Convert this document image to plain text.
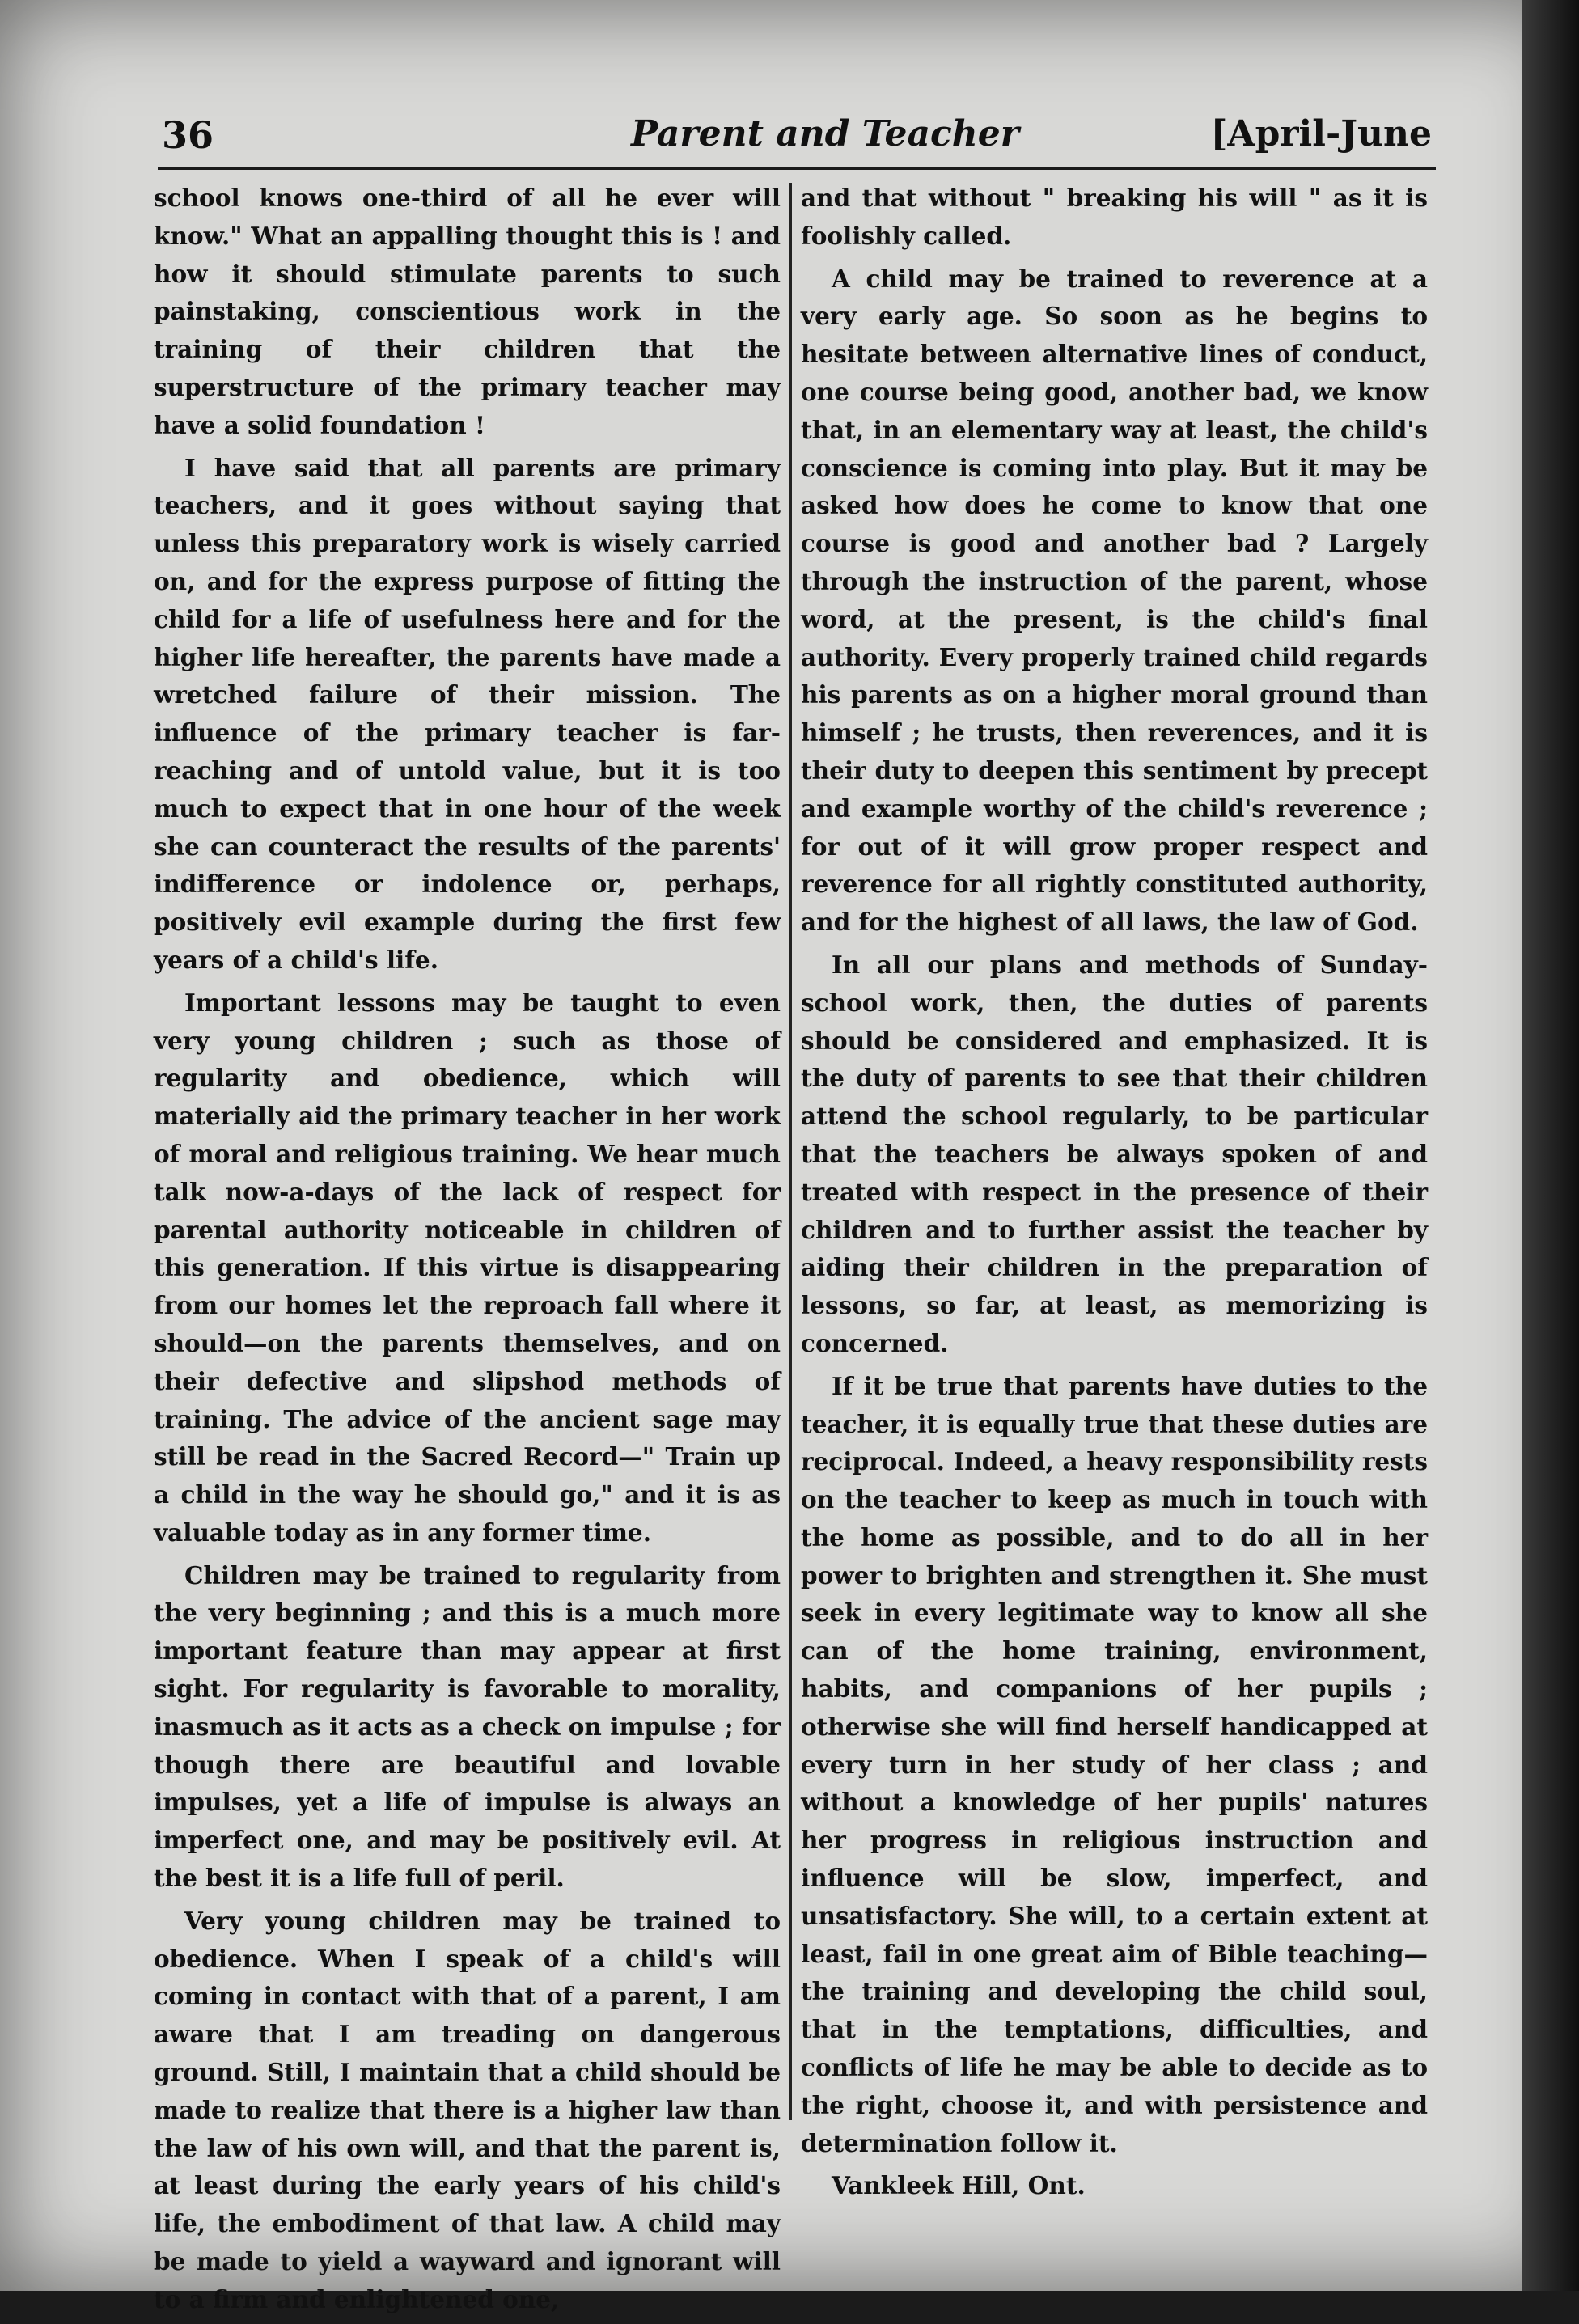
36	Parent and Teacher	[April-June

school knows one-third of all he ever will know." What an appalling thought this is ! and how it should stimulate parents to such painstaking, conscientious work in the training of their children that the superstructure of the primary teacher may have a solid foundation !

I have said that all parents are primary teachers, and it goes without saying that unless this preparatory work is wisely carried on, and for the express purpose of fitting the child for a life of usefulness here and for the higher life hereafter, the parents have made a wretched failure of their mission. The influence of the primary teacher is far-reaching and of untold value, but it is too much to expect that in one hour of the week she can counteract the results of the parents' indifference or indolence or, perhaps, positively evil example during the first few years of a child's life.

Important lessons may be taught to even very young children ; such as those of regularity and obedience, which will materially aid the primary teacher in her work of moral and religious training. We hear much talk now-a-days of the lack of respect for parental authority noticeable in children of this generation. If this virtue is disappearing from our homes let the reproach fall where it should—on the parents themselves, and on their defective and slipshod methods of training. The advice of the ancient sage may still be read in the Sacred Record—" Train up a child in the way he should go," and it is as valuable today as in any former time.

Children may be trained to regularity from the very beginning ; and this is a much more important feature than may appear at first sight. For regularity is favorable to morality, inasmuch as it acts as a check on impulse ; for though there are beautiful and lovable impulses, yet a life of impulse is always an imperfect one, and may be positively evil. At the best it is a life full of peril.

Very young children may be trained to obedience. When I speak of a child's will coming in contact with that of a parent, I am aware that I am treading on dangerous ground. Still, I maintain that a child should be made to realize that there is a higher law than the law of his own will, and that the parent is, at least during the early years of his child's life, the embodiment of that law. A child may be made to yield a wayward and ignorant will to a firm and enlightened one,

and that without " breaking his will " as it is foolishly called.

A child may be trained to reverence at a very early age. So soon as he begins to hesitate between alternative lines of conduct, one course being good, another bad, we know that, in an elementary way at least, the child's conscience is coming into play. But it may be asked how does he come to know that one course is good and another bad ? Largely through the instruction of the parent, whose word, at the present, is the child's final authority. Every properly trained child regards his parents as on a higher moral ground than himself ; he trusts, then reverences, and it is their duty to deepen this sentiment by precept and example worthy of the child's reverence ; for out of it will grow proper respect and reverence for all rightly constituted authority, and for the highest of all laws, the law of God.

In all our plans and methods of Sunday-school work, then, the duties of parents should be considered and emphasized. It is the duty of parents to see that their children attend the school regularly, to be particular that the teachers be always spoken of and treated with respect in the presence of their children and to further assist the teacher by aiding their children in the preparation of lessons, so far, at least, as memorizing is concerned.

If it be true that parents have duties to the teacher, it is equally true that these duties are reciprocal. Indeed, a heavy responsibility rests on the teacher to keep as much in touch with the home as possible, and to do all in her power to brighten and strengthen it. She must seek in every legitimate way to know all she can of the home training, environment, habits, and companions of her pupils ; otherwise she will find herself handicapped at every turn in her study of her class ; and without a knowledge of her pupils' natures her progress in religious instruction and influence will be slow, imperfect, and unsatisfactory. She will, to a certain extent at least, fail in one great aim of Bible teaching—the training and developing the child soul, that in the temptations, difficulties, and conflicts of life he may be able to decide as to the right, choose it, and with persistence and determination follow it.

Vankleek Hill, Ont.
